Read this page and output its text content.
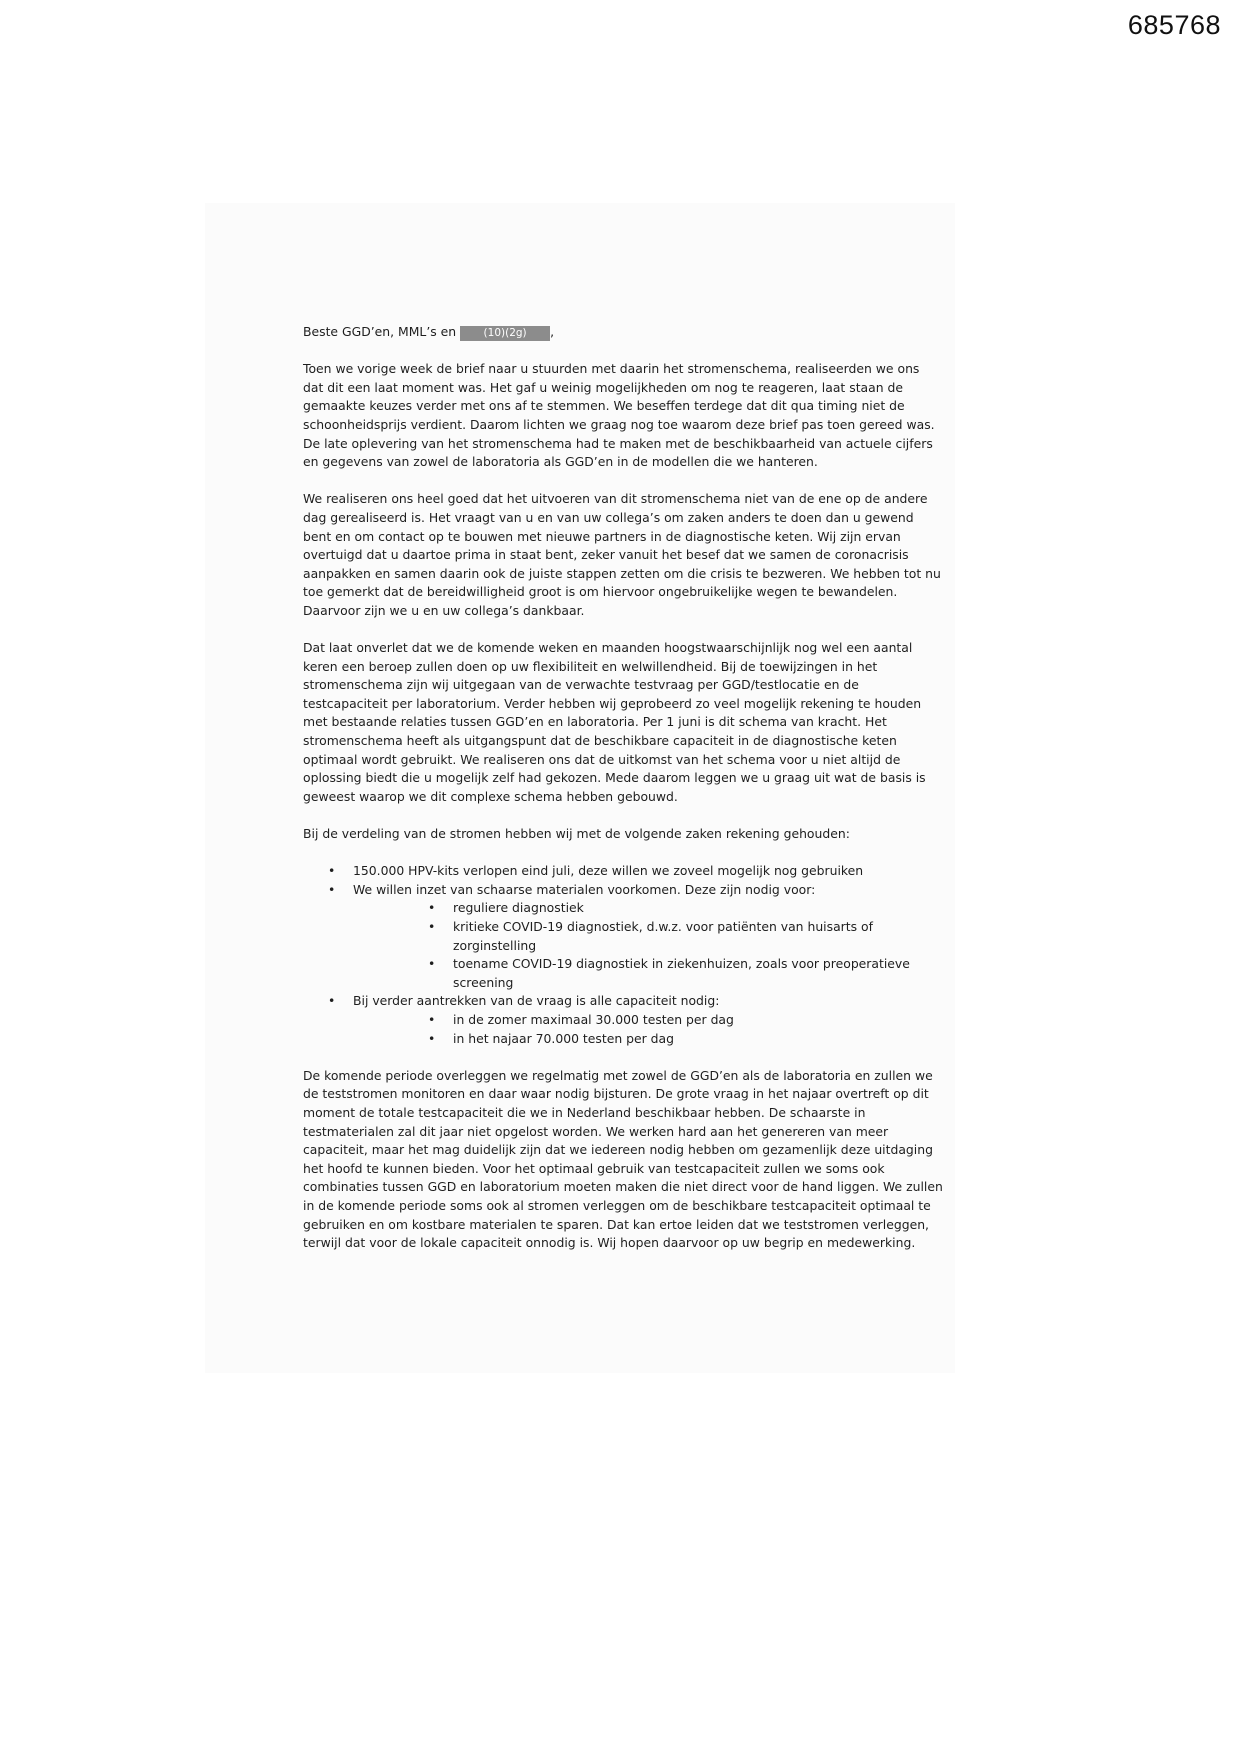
685768
Beste GGD’en, MML’s en	(10)(2g) ,

Toen we vorige week de brief naar u stuurden met daarin het stromenschema, realiseerden we ons dat dit een laat moment was. Het gaf u weinig mogelijkheden om nog te reageren, laat staan de gemaakte keuzes verder met ons af te stemmen. We beseffen terdege dat dit qua timing niet de schoonheidsprijs verdient. Daarom lichten we graag nog toe waarom deze brief pas toen gereed was. De late oplevering van het stromenschema had te maken met de beschikbaarheid van actuele cijfers en gegevens van zowel de laboratoria als GGD’en in de modellen die we hanteren.

We realiseren ons heel goed dat het uitvoeren van dit stromenschema niet van de ene op de andere dag gerealiseerd is. Het vraagt van u en van uw collega’s om zaken anders te doen dan u gewend bent en om contact op te bouwen met nieuwe partners in de diagnostische keten. Wij zijn ervan overtuigd dat u daartoe prima in staat bent, zeker vanuit het besef dat we samen de coronacrisis aanpakken en samen daarin ook de juiste stappen zetten om die crisis te bezweren. We hebben tot nu toe gemerkt dat de bereidwilligheid groot is om hiervoor ongebruikelijke wegen te bewandelen. Daarvoor zijn we u en uw collega’s dankbaar.

Dat laat onverlet dat we de komende weken en maanden hoogstwaarschijnlijk nog wel een aantal keren een beroep zullen doen op uw flexibiliteit en welwillendheid. Bij de toewijzingen in het stromenschema zijn wij uitgegaan van de verwachte testvraag per GGD/testlocatie en de testcapaciteit per laboratorium. Verder hebben wij geprobeerd zo veel mogelijk rekening te houden met bestaande relaties tussen GGD’en en laboratoria. Per 1 juni is dit schema van kracht. Het stromenschema heeft als uitgangspunt dat de beschikbare capaciteit in de diagnostische keten optimaal wordt gebruikt. We realiseren ons dat de uitkomst van het schema voor u niet altijd de oplossing biedt die u mogelijk zelf had gekozen. Mede daarom leggen we u graag uit wat de basis is geweest waarop we dit complexe schema hebben gebouwd.

Bij de verdeling van de stromen hebben wij met de volgende zaken rekening gehouden:

• 150.000 HPV-kits verlopen eind juli, deze willen we zoveel mogelijk nog gebruiken
• We willen inzet van schaarse materialen voorkomen. Deze zijn nodig voor:
• reguliere diagnostiek
• kritieke COVID-19 diagnostiek, d.w.z. voor patiënten van huisarts of zorginstelling
• toename COVID-19 diagnostiek in ziekenhuizen, zoals voor preoperatieve screening
• Bij verder aantrekken van de vraag is alle capaciteit nodig:
• in de zomer maximaal 30.000 testen per dag
• in het najaar 70.000 testen per dag

De komende periode overleggen we regelmatig met zowel de GGD’en als de laboratoria en zullen we de teststromen monitoren en daar waar nodig bijsturen. De grote vraag in het najaar overtreft op dit moment de totale testcapaciteit die we in Nederland beschikbaar hebben. De schaarste in testmaterialen zal dit jaar niet opgelost worden. We werken hard aan het genereren van meer capaciteit, maar het mag duidelijk zijn dat we iedereen nodig hebben om gezamenlijk deze uitdaging het hoofd te kunnen bieden. Voor het optimaal gebruik van testcapaciteit zullen we soms ook combinaties tussen GGD en laboratorium moeten maken die niet direct voor de hand liggen. We zullen in de komende periode soms ook al stromen verleggen om de beschikbare testcapaciteit optimaal te gebruiken en om kostbare materialen te sparen. Dat kan ertoe leiden dat we teststromen verleggen, terwijl dat voor de lokale capaciteit onnodig is. Wij hopen daarvoor op uw begrip en medewerking.
